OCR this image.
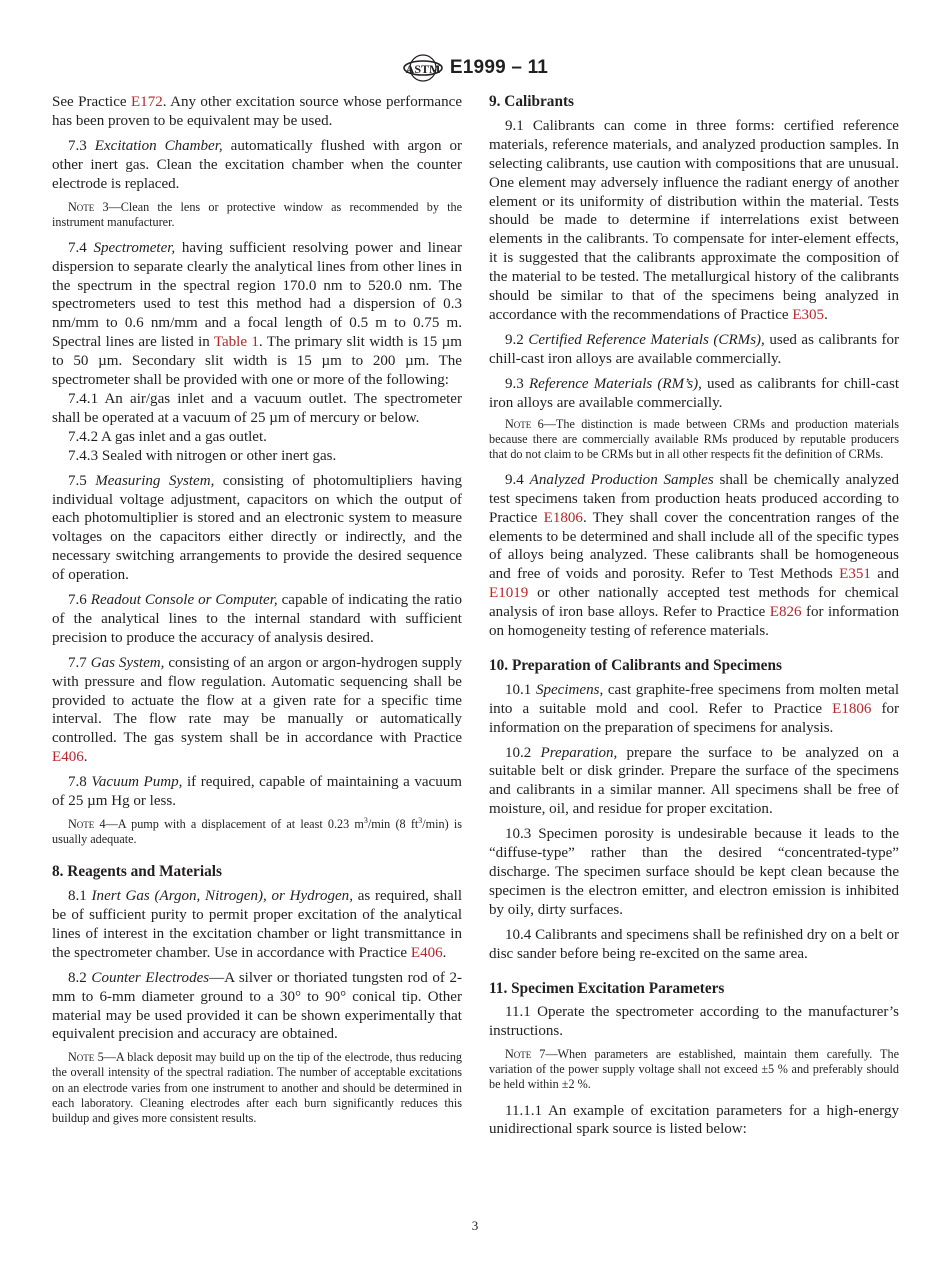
ASTM E1999 – 11

See Practice E172. Any other excitation source whose performance has been proven to be equivalent may be used.

7.3 Excitation Chamber, automatically flushed with argon or other inert gas. Clean the excitation chamber when the counter electrode is replaced.

Note 3—Clean the lens or protective window as recommended by the instrument manufacturer.

7.4 Spectrometer, having sufficient resolving power and linear dispersion to separate clearly the analytical lines from other lines in the spectrum in the spectral region 170.0 nm to 520.0 nm. The spectrometers used to test this method had a dispersion of 0.3 nm/mm to 0.6 nm/mm and a focal length of 0.5 m to 0.75 m. Spectral lines are listed in Table 1. The primary slit width is 15 µm to 50 µm. Secondary slit width is 15 µm to 200 µm. The spectrometer shall be provided with one or more of the following:

7.4.1 An air/gas inlet and a vacuum outlet. The spectrometer shall be operated at a vacuum of 25 µm of mercury or below.

7.4.2 A gas inlet and a gas outlet.

7.4.3 Sealed with nitrogen or other inert gas.

7.5 Measuring System, consisting of photomultipliers having individual voltage adjustment, capacitors on which the output of each photomultiplier is stored and an electronic system to measure voltages on the capacitors either directly or indirectly, and the necessary switching arrangements to provide the desired sequence of operation.

7.6 Readout Console or Computer, capable of indicating the ratio of the analytical lines to the internal standard with sufficient precision to produce the accuracy of analysis desired.

7.7 Gas System, consisting of an argon or argon-hydrogen supply with pressure and flow regulation. Automatic sequencing shall be provided to actuate the flow at a given rate for a specific time interval. The flow rate may be manually or automatically controlled. The gas system shall be in accordance with Practice E406.

7.8 Vacuum Pump, if required, capable of maintaining a vacuum of 25 µm Hg or less.

Note 4—A pump with a displacement of at least 0.23 $m^3/\min$ (8 $ft^3/\min$) is usually adequate.

8. Reagents and Materials

8.1 Inert Gas (Argon, Nitrogen), or Hydrogen, as required, shall be of sufficient purity to permit proper excitation of the analytical lines of interest in the excitation chamber or light transmittance in the spectrometer chamber. Use in accordance with Practice E406.

8.2 Counter Electrodes—A silver or thoriated tungsten rod of 2-mm to 6-mm diameter ground to a 30° to 90° conical tip. Other material may be used provided it can be shown experimentally that equivalent precision and accuracy are obtained.

Note 5—A black deposit may build up on the tip of the electrode, thus reducing the overall intensity of the spectral radiation. The number of acceptable excitations on an electrode varies from one instrument to another and should be determined in each laboratory. Cleaning electrodes after each burn significantly reduces this buildup and gives more consistent results.

9. Calibrants

9.1 Calibrants can come in three forms: certified reference materials, reference materials, and analyzed production samples. In selecting calibrants, use caution with compositions that are unusual. One element may adversely influence the radiant energy of another element or its uniformity of distribution within the material. Tests should be made to determine if interrelations exist between elements in the calibrants. To compensate for inter-element effects, it is suggested that the calibrants approximate the composition of the material to be tested. The metallurgical history of the calibrants should be similar to that of the specimens being analyzed in accordance with the recommendations of Practice E305.

9.2 Certified Reference Materials (CRMs), used as calibrants for chill-cast iron alloys are available commercially.

9.3 Reference Materials (RM’s), used as calibrants for chill-cast iron alloys are available commercially.

Note 6—The distinction is made between CRMs and production materials because there are commercially available RMs produced by reputable producers that do not claim to be CRMs but in all other respects fit the definition of CRMs.

9.4 Analyzed Production Samples shall be chemically analyzed test specimens taken from production heats produced according to Practice E1806. They shall cover the concentration ranges of the elements to be determined and shall include all of the specific types of alloys being analyzed. These calibrants shall be homogeneous and free of voids and porosity. Refer to Test Methods E351 and E1019 or other nationally accepted test methods for chemical analysis of iron base alloys. Refer to Practice E826 for information on homogeneity testing of reference materials.

10. Preparation of Calibrants and Specimens

10.1 Specimens, cast graphite-free specimens from molten metal into a suitable mold and cool. Refer to Practice E1806 for information on the preparation of specimens for analysis.

10.2 Preparation, prepare the surface to be analyzed on a suitable belt or disk grinder. Prepare the surface of the specimens and calibrants in a similar manner. All specimens shall be free of moisture, oil, and residue for proper excitation.

10.3 Specimen porosity is undesirable because it leads to the “diffuse-type” rather than the desired “concentrated-type” discharge. The specimen surface should be kept clean because the specimen is the electron emitter, and electron emission is inhibited by oily, dirty surfaces.

10.4 Calibrants and specimens shall be refinished dry on a belt or disc sander before being re-excited on the same area.

11. Specimen Excitation Parameters

11.1 Operate the spectrometer according to the manufacturer’s instructions.

Note 7—When parameters are established, maintain them carefully. The variation of the power supply voltage shall not exceed ±5 % and preferably should be held within ±2 %.

11.1.1 An example of excitation parameters for a high-energy unidirectional spark source is listed below:

3
